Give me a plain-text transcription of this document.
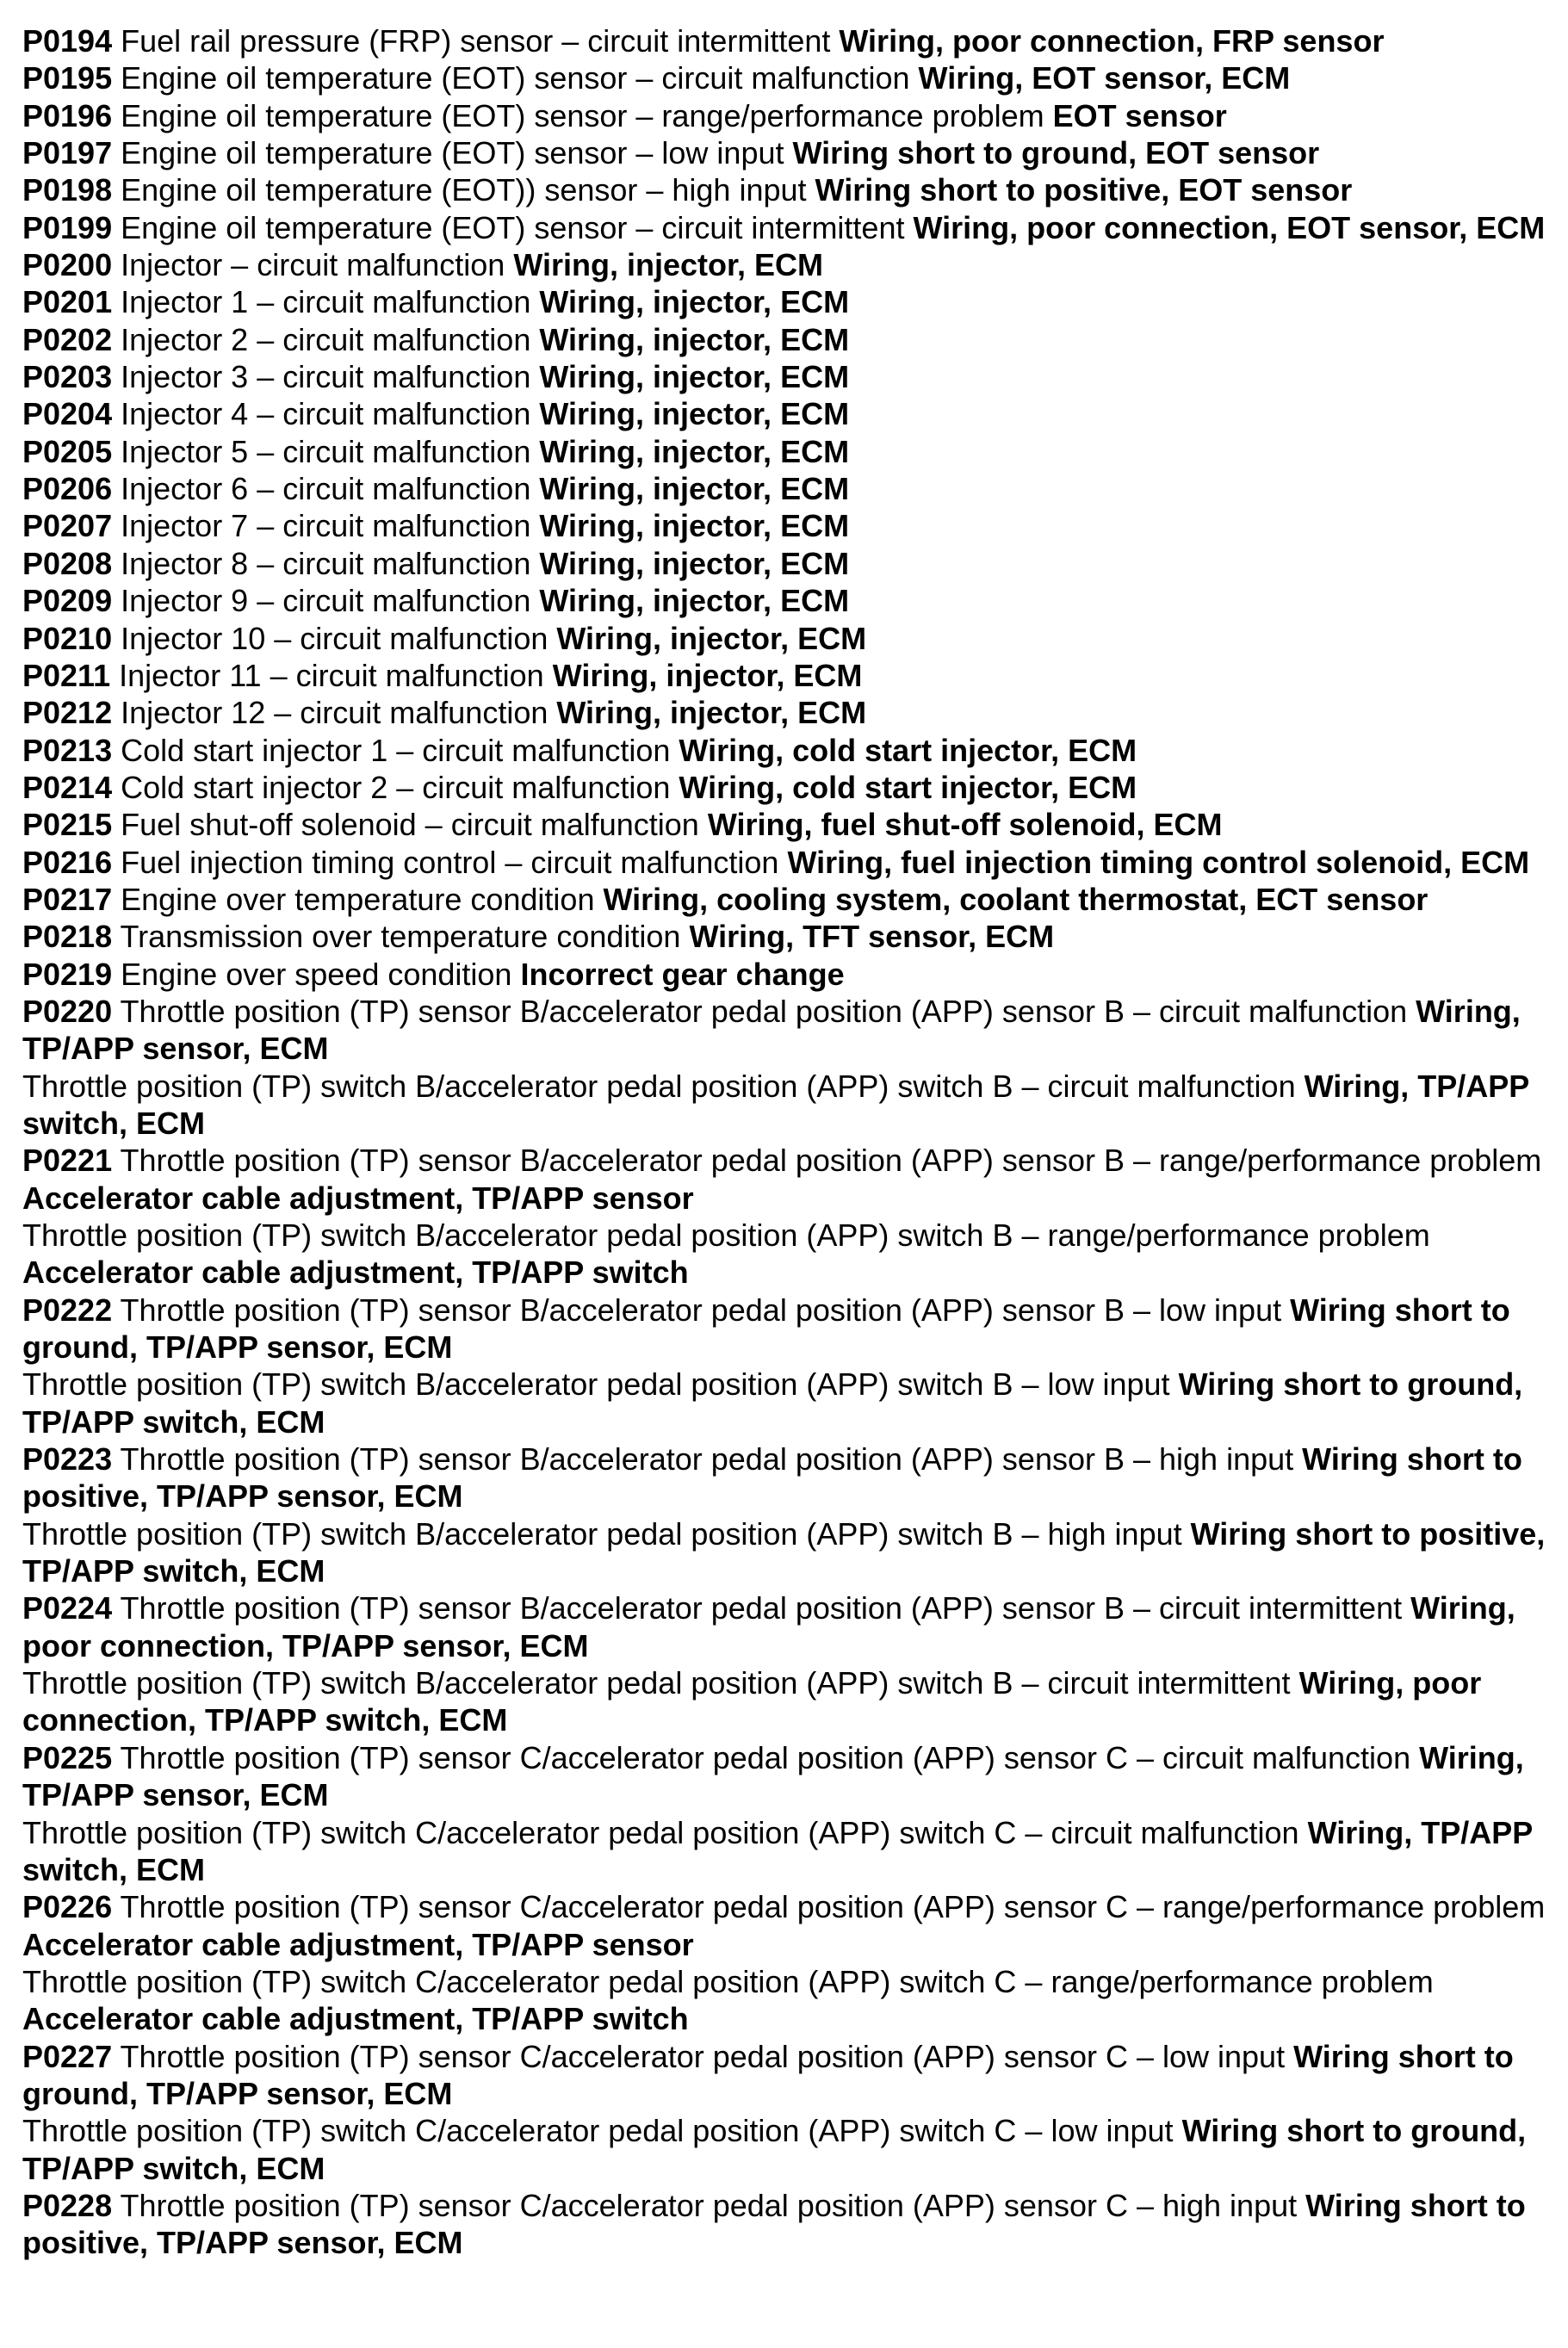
P0194 Fuel rail pressure (FRP) sensor – circuit intermittent Wiring, poor connection, FRP sensor

P0195 Engine oil temperature (EOT) sensor – circuit malfunction Wiring, EOT sensor, ECM

P0196 Engine oil temperature (EOT) sensor – range/performance problem EOT sensor

P0197 Engine oil temperature (EOT) sensor – low input Wiring short to ground, EOT sensor

P0198 Engine oil temperature (EOT)) sensor – high input Wiring short to positive, EOT sensor

P0199 Engine oil temperature (EOT) sensor – circuit intermittent Wiring, poor connection, EOT sensor, ECM

P0200 Injector – circuit malfunction Wiring, injector, ECM

P0201 Injector 1 – circuit malfunction Wiring, injector, ECM

P0202 Injector 2 – circuit malfunction Wiring, injector, ECM

P0203 Injector 3 – circuit malfunction Wiring, injector, ECM

P0204 Injector 4 – circuit malfunction Wiring, injector, ECM

P0205 Injector 5 – circuit malfunction Wiring, injector, ECM

P0206 Injector 6 – circuit malfunction Wiring, injector, ECM

P0207 Injector 7 – circuit malfunction Wiring, injector, ECM

P0208 Injector 8 – circuit malfunction Wiring, injector, ECM

P0209 Injector 9 – circuit malfunction Wiring, injector, ECM

P0210 Injector 10 – circuit malfunction Wiring, injector, ECM

P0211 Injector 11 – circuit malfunction Wiring, injector, ECM

P0212 Injector 12 – circuit malfunction Wiring, injector, ECM

P0213 Cold start injector 1 – circuit malfunction Wiring, cold start injector, ECM

P0214 Cold start injector 2 – circuit malfunction Wiring, cold start injector, ECM

P0215 Fuel shut-off solenoid – circuit malfunction Wiring, fuel shut-off solenoid, ECM

P0216 Fuel injection timing control – circuit malfunction Wiring, fuel injection timing control solenoid, ECM

P0217 Engine over temperature condition Wiring, cooling system, coolant thermostat, ECT sensor

P0218 Transmission over temperature condition Wiring, TFT sensor, ECM

P0219 Engine over speed condition Incorrect gear change

P0220 Throttle position (TP) sensor B/accelerator pedal position (APP) sensor B – circuit malfunction Wiring, TP/APP sensor, ECM

Throttle position (TP) switch B/accelerator pedal position (APP) switch B – circuit malfunction Wiring, TP/APP switch, ECM

P0221 Throttle position (TP) sensor B/accelerator pedal position (APP) sensor B – range/performance problem Accelerator cable adjustment, TP/APP sensor

Throttle position (TP) switch B/accelerator pedal position (APP) switch B – range/performance problem Accelerator cable adjustment, TP/APP switch

P0222 Throttle position (TP) sensor B/accelerator pedal position (APP) sensor B – low input Wiring short to ground, TP/APP sensor, ECM

Throttle position (TP) switch B/accelerator pedal position (APP) switch B – low input Wiring short to ground, TP/APP switch, ECM

P0223 Throttle position (TP) sensor B/accelerator pedal position (APP) sensor B – high input Wiring short to positive, TP/APP sensor, ECM

Throttle position (TP) switch B/accelerator pedal position (APP) switch B – high input Wiring short to positive, TP/APP switch, ECM

P0224 Throttle position (TP) sensor B/accelerator pedal position (APP) sensor B – circuit intermittent Wiring, poor connection, TP/APP sensor, ECM

Throttle position (TP) switch B/accelerator pedal position (APP) switch B – circuit intermittent Wiring, poor connection, TP/APP switch, ECM

P0225 Throttle position (TP) sensor C/accelerator pedal position (APP) sensor C – circuit malfunction Wiring, TP/APP sensor, ECM

Throttle position (TP) switch C/accelerator pedal position (APP) switch C – circuit malfunction Wiring, TP/APP switch, ECM

P0226 Throttle position (TP) sensor C/accelerator pedal position (APP) sensor C – range/performance problem Accelerator cable adjustment, TP/APP sensor

Throttle position (TP) switch C/accelerator pedal position (APP) switch C – range/performance problem Accelerator cable adjustment, TP/APP switch

P0227 Throttle position (TP) sensor C/accelerator pedal position (APP) sensor C – low input Wiring short to ground, TP/APP sensor, ECM

Throttle position (TP) switch C/accelerator pedal position (APP) switch C – low input Wiring short to ground, TP/APP switch, ECM

P0228 Throttle position (TP) sensor C/accelerator pedal position (APP) sensor C – high input Wiring short to positive, TP/APP sensor, ECM
